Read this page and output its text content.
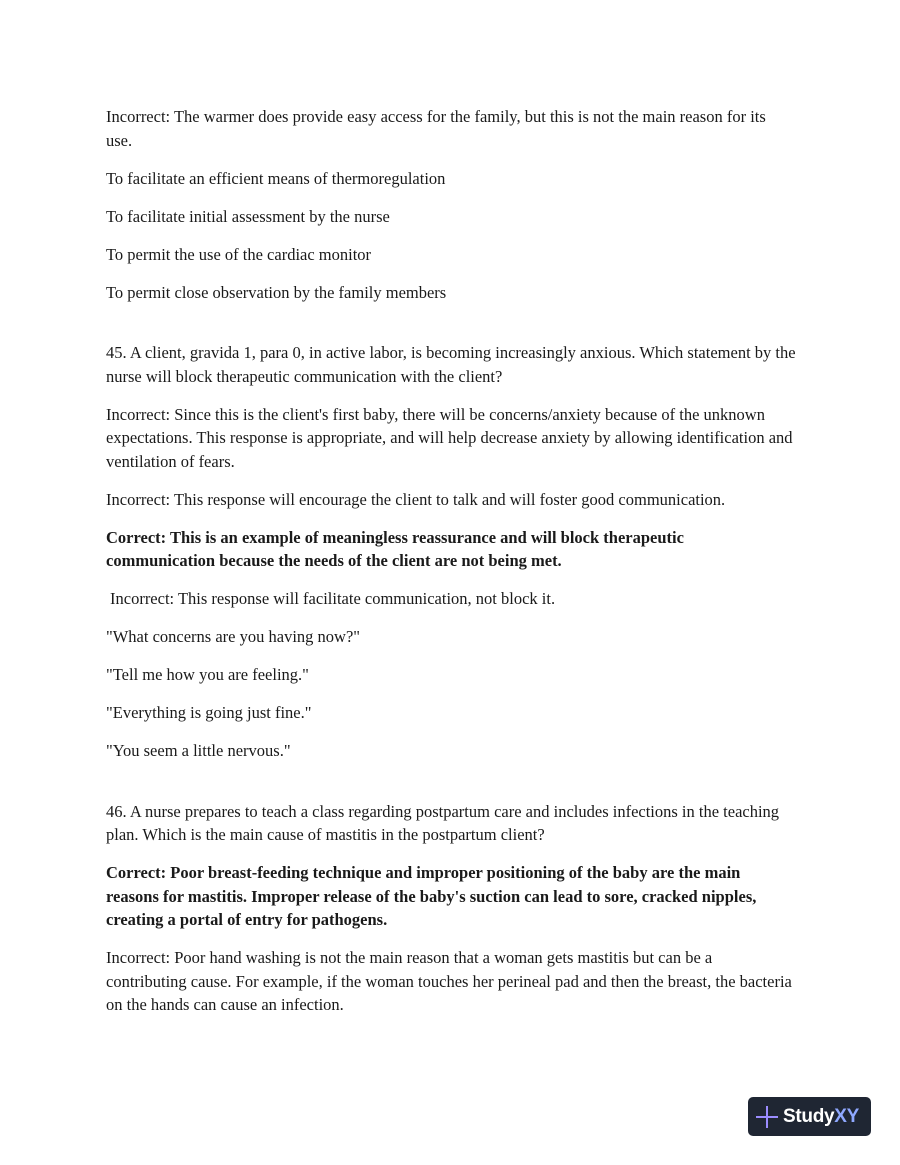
Incorrect: The warmer does provide easy access for the family, but this is not the main reason for its use.

To facilitate an efficient means of thermoregulation

To facilitate initial assessment by the nurse

To permit the use of the cardiac monitor

To permit close observation by the family members

45. A client, gravida 1, para 0, in active labor, is becoming increasingly anxious. Which statement by the nurse will block therapeutic communication with the client?

Incorrect: Since this is the client's first baby, there will be concerns/anxiety because of the unknown expectations. This response is appropriate, and will help decrease anxiety by allowing identification and ventilation of fears.

Incorrect: This response will encourage the client to talk and will foster good communication.

Correct: This is an example of meaningless reassurance and will block therapeutic communication because the needs of the client are not being met.

Incorrect: This response will facilitate communication, not block it.

"What concerns are you having now?"

"Tell me how you are feeling."

"Everything is going just fine."

"You seem a little nervous."

46. A nurse prepares to teach a class regarding postpartum care and includes infections in the teaching plan. Which is the main cause of mastitis in the postpartum client?

Correct: Poor breast-feeding technique and improper positioning of the baby are the main reasons for mastitis. Improper release of the baby's suction can lead to sore, cracked nipples, creating a portal of entry for pathogens.

Incorrect: Poor hand washing is not the main reason that a woman gets mastitis but can be a contributing cause. For example, if the woman touches her perineal pad and then the breast, the bacteria on the hands can cause an infection.

StudyXY
